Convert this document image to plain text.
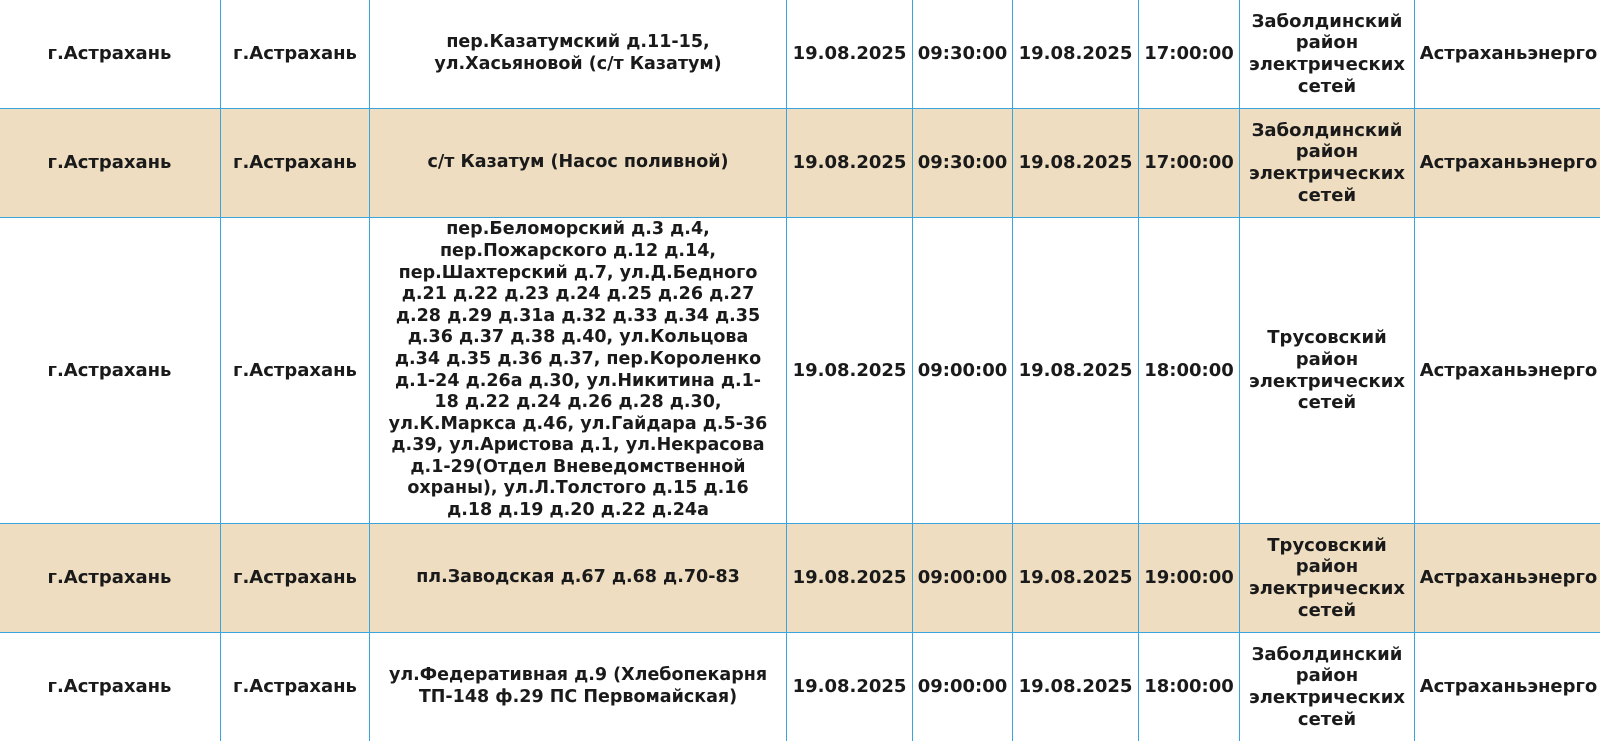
г.Астрахань	г.Астрахань	пер.Казатумский д.11-15, ул.Хасьяновой (с/т Казатум)	19.08.2025	09:30:00	19.08.2025	17:00:00	Заболдинский район электрических сетей	Астраханьэнерго
г.Астрахань	г.Астрахань	с/т Казатум (Насос поливной)	19.08.2025	09:30:00	19.08.2025	17:00:00	Заболдинский район электрических сетей	Астраханьэнерго
г.Астрахань	г.Астрахань	пер.Беломорский д.3 д.4, пер.Пожарского д.12 д.14, пер.Шахтерский д.7, ул.Д.Бедного д.21 д.22 д.23 д.24 д.25 д.26 д.27 д.28 д.29 д.31а д.32 д.33 д.34 д.35 д.36 д.37 д.38 д.40, ул.Кольцова д.34 д.35 д.36 д.37, пер.Короленко д.1-24 д.26а д.30, ул.Никитина д.1-18 д.22 д.24 д.26 д.28 д.30, ул.К.Маркса д.46, ул.Гайдара д.5-36 д.39, ул.Аристова д.1, ул.Некрасова д.1-29(Отдел Вневедомственной охраны), ул.Л.Толстого д.15 д.16 д.18 д.19 д.20 д.22 д.24а	19.08.2025	09:00:00	19.08.2025	18:00:00	Трусовский район электрических сетей	Астраханьэнерго
г.Астрахань	г.Астрахань	пл.Заводская д.67 д.68 д.70-83	19.08.2025	09:00:00	19.08.2025	19:00:00	Трусовский район электрических сетей	Астраханьэнерго
г.Астрахань	г.Астрахань	ул.Федеративная д.9 (Хлебопекарня ТП-148 ф.29 ПС Первомайская)	19.08.2025	09:00:00	19.08.2025	18:00:00	Заболдинский район электрических сетей	Астраханьэнерго
